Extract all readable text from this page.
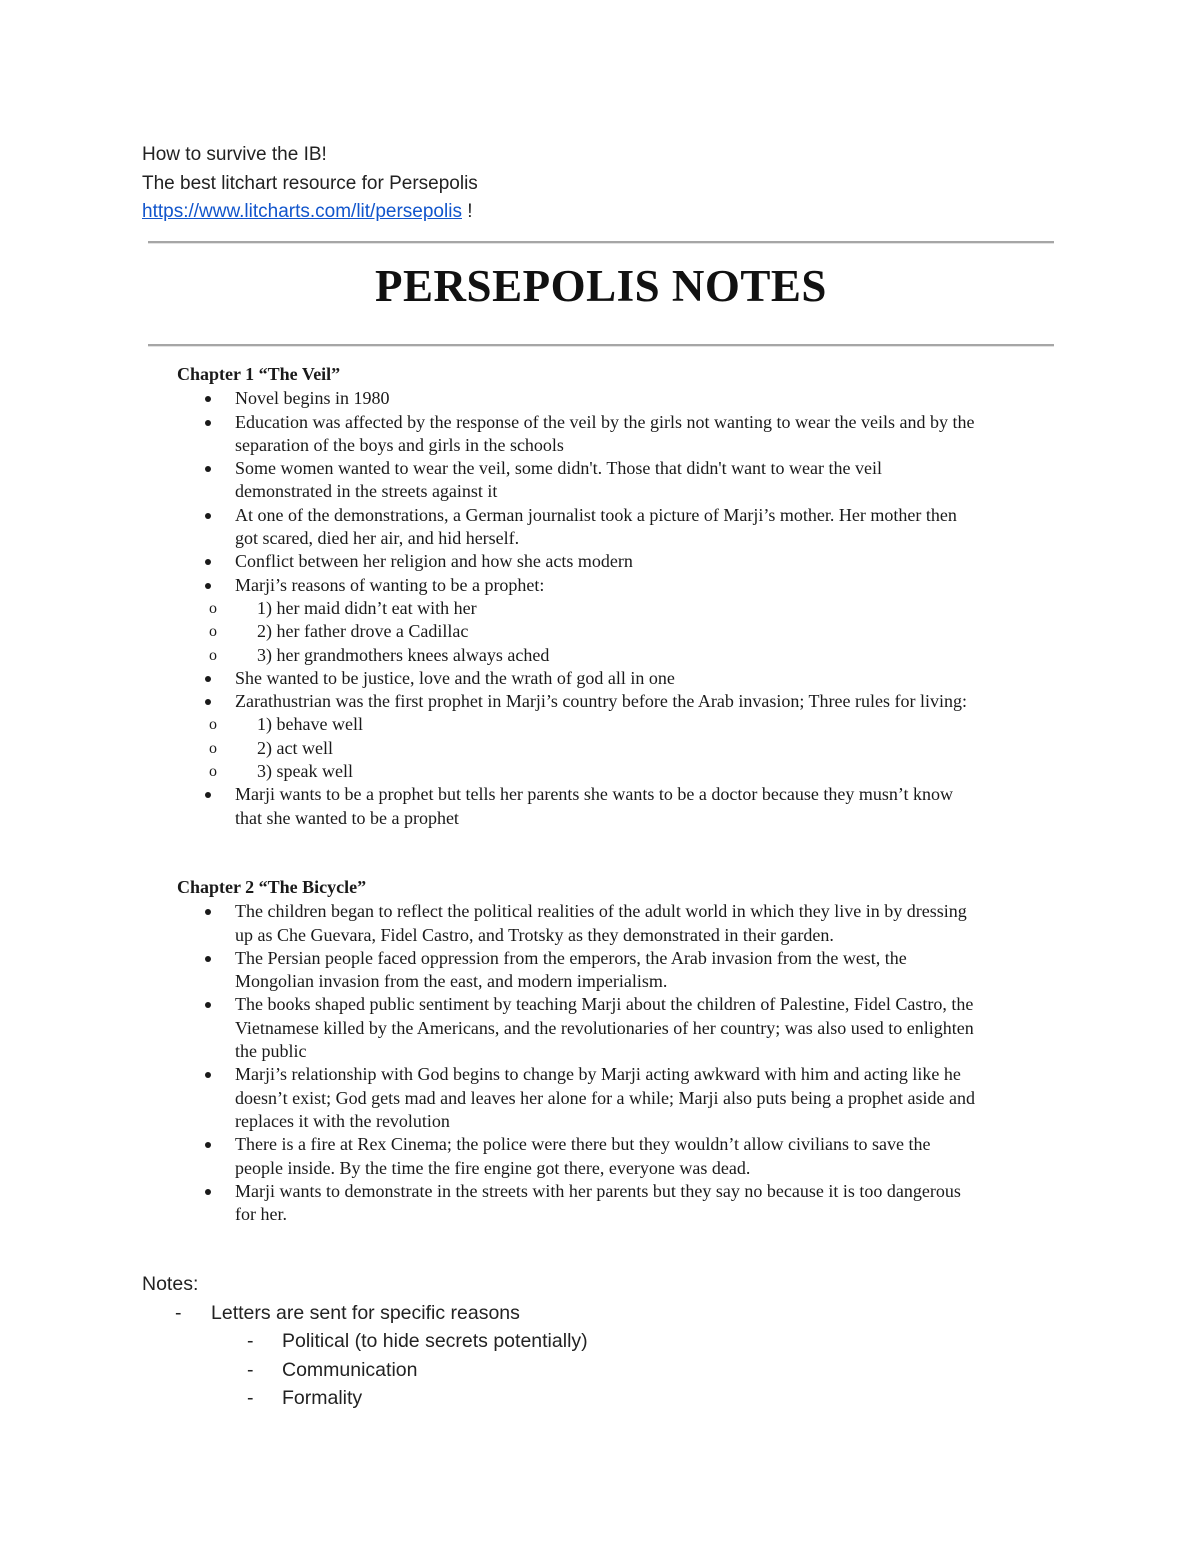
How to survive the IB!
The best litchart resource for Persepolis
https://www.litcharts.com/lit/persepolis !
PERSEPOLIS NOTES
Chapter 1 “The Veil”
Novel begins in 1980
Education was affected by the response of the veil by the girls not wanting to wear the veils and by the separation of the boys and girls in the schools
Some women wanted to wear the veil, some didn't. Those that didn't want to wear the veil demonstrated in the streets against it
At one of the demonstrations, a German journalist took a picture of Marji’s mother. Her mother then got scared, died her air, and hid herself.
Conflict between her religion and how she acts modern
Marji’s reasons of wanting to be a prophet:
o 1) her maid didn’t eat with her
o 2) her father drove a Cadillac
o 3) her grandmothers knees always ached
She wanted to be justice, love and the wrath of god all in one
Zarathustrian was the first prophet in Marji’s country before the Arab invasion; Three rules for living:
o 1) behave well
o 2) act well
o 3) speak well
Marji wants to be a prophet but tells her parents she wants to be a doctor because they musn’t know that she wanted to be a prophet
Chapter 2 “The Bicycle”
The children began to reflect the political realities of the adult world in which they live in by dressing up as Che Guevara, Fidel Castro, and Trotsky as they demonstrated in their garden.
The Persian people faced oppression from the emperors, the Arab invasion from the west, the Mongolian invasion from the east, and modern imperialism.
The books shaped public sentiment by teaching Marji about the children of Palestine, Fidel Castro, the Vietnamese killed by the Americans, and the revolutionaries of her country; was also used to enlighten the public
Marji’s relationship with God begins to change by Marji acting awkward with him and acting like he doesn’t exist; God gets mad and leaves her alone for a while; Marji also puts being a prophet aside and replaces it with the revolution
There is a fire at Rex Cinema; the police were there but they wouldn’t allow civilians to save the people inside. By the time the fire engine got there, everyone was dead.
Marji wants to demonstrate in the streets with her parents but they say no because it is too dangerous for her.
Notes:
- Letters are sent for specific reasons
- Political (to hide secrets potentially)
- Communication
- Formality
